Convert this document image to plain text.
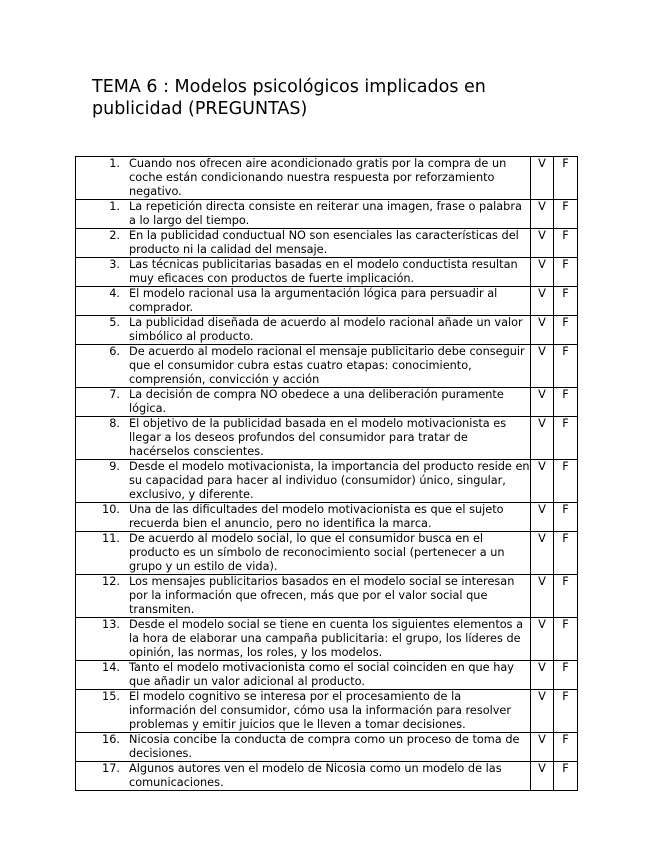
TEMA 6 : Modelos psicológicos implicados en publicidad (PREGUNTAS)
1. Cuando nos ofrecen aire acondicionado gratis por la compra de un coche están condicionando nuestra respuesta por reforzamiento negativo.	V	F

1. La repetición directa consiste en reiterar una imagen, frase o palabra a lo largo del tiempo.	V	F

2. En la publicidad conductual NO son esenciales las características del producto ni la calidad del mensaje.	V	F

3. Las técnicas publicitarias basadas en el modelo conductista resultan muy eficaces con productos de fuerte implicación.	V	F

4. El modelo racional usa la argumentación lógica para persuadir al comprador.	V	F

5. La publicidad diseñada de acuerdo al modelo racional añade un valor simbólico al producto.	V	F

6. De acuerdo al modelo racional el mensaje publicitario debe conseguir que el consumidor cubra estas cuatro etapas: conocimiento, comprensión, convicción y acción	V	F

7. La decisión de compra NO obedece a una deliberación puramente lógica.	V	F

8. El objetivo de la publicidad basada en el modelo motivacionista es llegar a los deseos profundos del consumidor para tratar de hacérselos conscientes.	V	F

9. Desde el modelo motivacionista, la importancia del producto reside en su capacidad para hacer al individuo (consumidor) único, singular, exclusivo, y diferente.	V	F

10. Una de las dificultades del modelo motivacionista es que el sujeto recuerda bien el anuncio, pero no identifica la marca.	V	F

11. De acuerdo al modelo social, lo que el consumidor busca en el producto es un símbolo de reconocimiento social (pertenecer a un grupo y un estilo de vida).	V	F

12. Los mensajes publicitarios basados en el modelo social se interesan por la información que ofrecen, más que por el valor social que transmiten.	V	F

13. Desde el modelo social se tiene en cuenta los siguientes elementos a la hora de elaborar una campaña publicitaria: el grupo, los líderes de opinión, las normas, los roles, y los modelos.	V	F

14. Tanto el modelo motivacionista como el social coinciden en que hay que añadir un valor adicional al producto.	V	F

15. El modelo cognitivo se interesa por el procesamiento de la información del consumidor, cómo usa la información para resolver problemas y emitir juicios que le lleven a tomar decisiones.	V	F

16. Nicosia concibe la conducta de compra como un proceso de toma de decisiones.	V	F

17. Algunos autores ven el modelo de Nicosia como un modelo de las comunicaciones.	V	F
